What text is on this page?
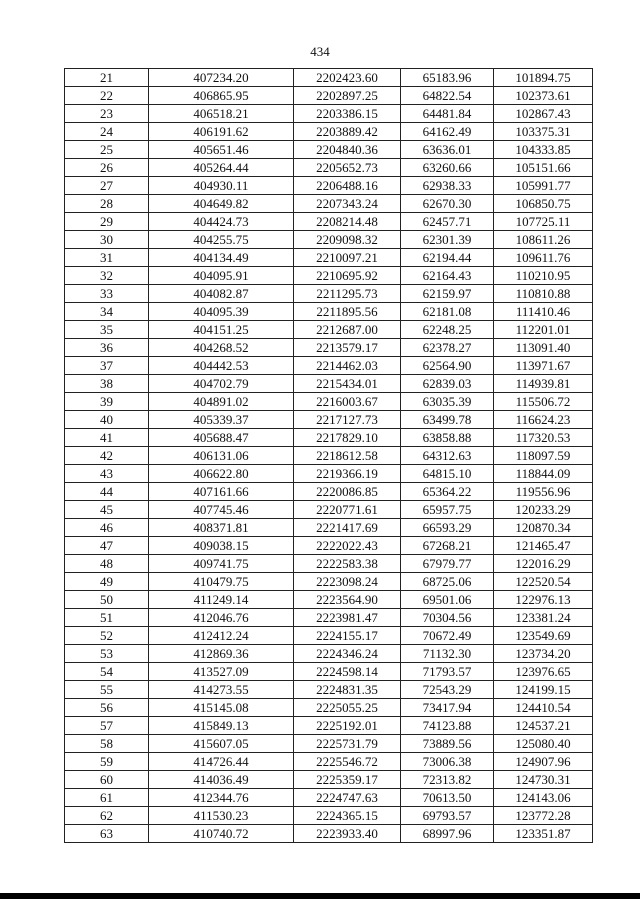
434
21	407234.20	2202423.60	65183.96	101894.75
22	406865.95	2202897.25	64822.54	102373.61
23	406518.21	2203386.15	64481.84	102867.43
24	406191.62	2203889.42	64162.49	103375.31
25	405651.46	2204840.36	63636.01	104333.85
26	405264.44	2205652.73	63260.66	105151.66
27	404930.11	2206488.16	62938.33	105991.77
28	404649.82	2207343.24	62670.30	106850.75
29	404424.73	2208214.48	62457.71	107725.11
30	404255.75	2209098.32	62301.39	108611.26
31	404134.49	2210097.21	62194.44	109611.76
32	404095.91	2210695.92	62164.43	110210.95
33	404082.87	2211295.73	62159.97	110810.88
34	404095.39	2211895.56	62181.08	111410.46
35	404151.25	2212687.00	62248.25	112201.01
36	404268.52	2213579.17	62378.27	113091.40
37	404442.53	2214462.03	62564.90	113971.67
38	404702.79	2215434.01	62839.03	114939.81
39	404891.02	2216003.67	63035.39	115506.72
40	405339.37	2217127.73	63499.78	116624.23
41	405688.47	2217829.10	63858.88	117320.53
42	406131.06	2218612.58	64312.63	118097.59
43	406622.80	2219366.19	64815.10	118844.09
44	407161.66	2220086.85	65364.22	119556.96
45	407745.46	2220771.61	65957.75	120233.29
46	408371.81	2221417.69	66593.29	120870.34
47	409038.15	2222022.43	67268.21	121465.47
48	409741.75	2222583.38	67979.77	122016.29
49	410479.75	2223098.24	68725.06	122520.54
50	411249.14	2223564.90	69501.06	122976.13
51	412046.76	2223981.47	70304.56	123381.24
52	412412.24	2224155.17	70672.49	123549.69
53	412869.36	2224346.24	71132.30	123734.20
54	413527.09	2224598.14	71793.57	123976.65
55	414273.55	2224831.35	72543.29	124199.15
56	415145.08	2225055.25	73417.94	124410.54
57	415849.13	2225192.01	74123.88	124537.21
58	415607.05	2225731.79	73889.56	125080.40
59	414726.44	2225546.72	73006.38	124907.96
60	414036.49	2225359.17	72313.82	124730.31
61	412344.76	2224747.63	70613.50	124143.06
62	411530.23	2224365.15	69793.57	123772.28
63	410740.72	2223933.40	68997.96	123351.87
